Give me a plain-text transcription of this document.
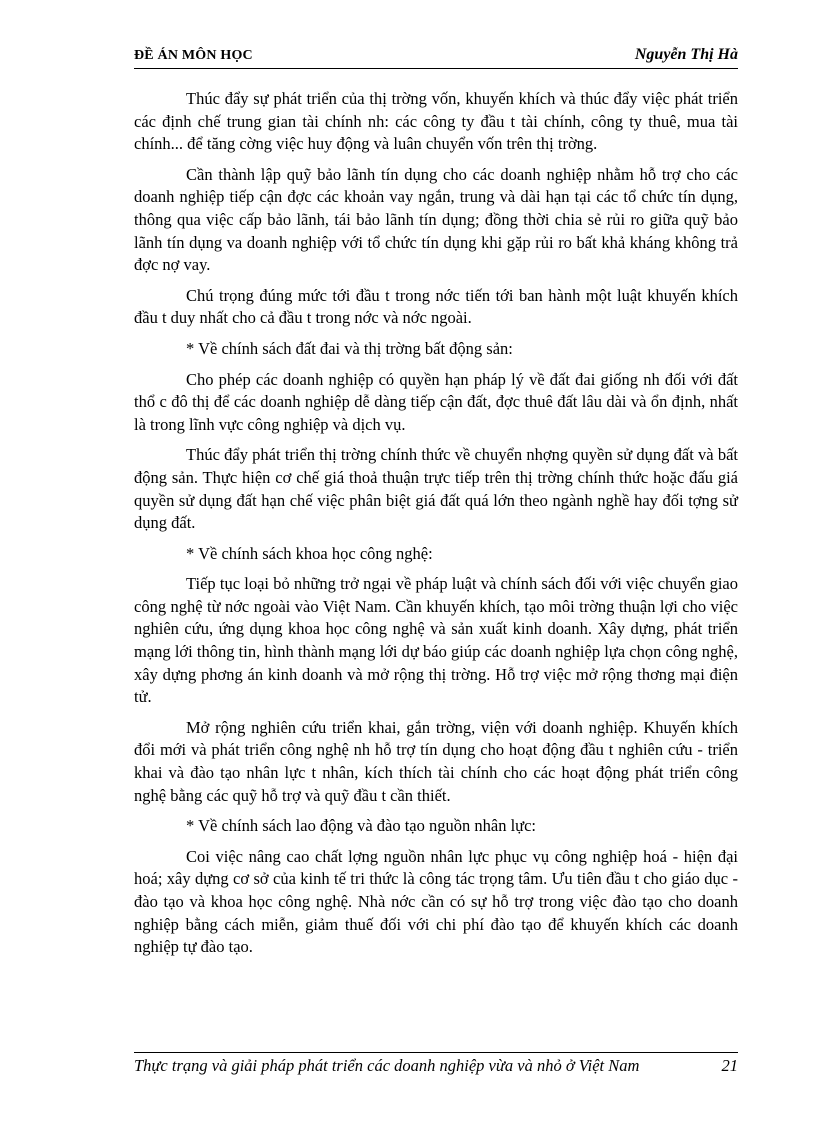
ĐỀ ÁN MÔN HỌC	Nguyễn Thị Hà

Thúc đẩy sự phát triển của thị trờng vốn, khuyến khích và thúc đẩy việc phát triển các định chế trung gian tài chính nh: các công ty đầu t tài chính, công ty thuê, mua tài chính... để tăng cờng việc huy động và luân chuyển vốn trên thị trờng.

Cần thành lập quỹ bảo lãnh tín dụng cho các doanh nghiệp nhằm hỗ trợ cho các doanh nghiệp tiếp cận đợc các khoản vay ngắn, trung và dài hạn tại các tổ chức tín dụng, thông qua việc cấp bảo lãnh, tái bảo lãnh tín dụng; đồng thời chia sẻ rủi ro giữa quỹ bảo lãnh tín dụng va doanh nghiệp với tổ chức tín dụng khi gặp rủi ro bất khả kháng không trả đợc nợ vay.

Chú trọng đúng mức tới đầu t trong nớc tiến tới ban hành một luật khuyến khích đầu t duy nhất cho cả đầu t trong nớc và nớc ngoài.

* Về chính sách đất đai và thị trờng bất động sản:

Cho phép các doanh nghiệp có quyền hạn pháp lý về đất đai giống nh đối với đất thổ c đô thị để các doanh nghiệp dễ dàng tiếp cận đất, đợc thuê đất lâu dài và ổn định, nhất là trong lĩnh vực công nghiệp và dịch vụ.

Thúc đẩy phát triển thị trờng chính thức về chuyển nhợng quyền sử dụng đất và bất động sản. Thực hiện cơ chế giá thoả thuận trực tiếp trên thị trờng chính thức hoặc đấu giá quyền sử dụng đất hạn chế việc phân biệt giá đất quá lớn theo ngành nghề hay đối tợng sử dụng đất.

* Về chính sách khoa học công nghệ:

Tiếp tục loại bỏ những trở ngại về pháp luật và chính sách đối với việc chuyển giao công nghệ từ nớc ngoài vào Việt Nam. Cần khuyến khích, tạo môi trờng thuận lợi cho việc nghiên cứu, ứng dụng khoa học công nghệ và sản xuất kinh doanh. Xây dựng, phát triển mạng lới thông tin, hình thành mạng lới dự báo giúp các doanh nghiệp lựa chọn công nghệ, xây dựng phơng án kinh doanh và mở rộng thị trờng. Hỗ trợ việc mở rộng thơng mại điện tử.

Mở rộng nghiên cứu triển khai, gắn trờng, viện với doanh nghiệp. Khuyến khích đổi mới và phát triển công nghệ nh hỗ trợ tín dụng cho hoạt động đầu t nghiên cứu - triển khai và đào tạo nhân lực t nhân, kích thích tài chính cho các hoạt động phát triển công nghệ bằng các quỹ hỗ trợ và quỹ đầu t cần thiết.

* Về chính sách lao động và đào tạo nguồn nhân lực:

Coi việc nâng cao chất lợng nguồn nhân lực phục vụ công nghiệp hoá - hiện đại hoá; xây dựng cơ sở của kinh tế tri thức là công tác trọng tâm. Ưu tiên đầu t cho giáo dục - đào tạo và khoa học công nghệ. Nhà nớc cần có sự hỗ trợ trong việc đào tạo cho doanh nghiệp bằng cách miễn, giảm thuế đối với chi phí đào tạo để khuyến khích các doanh nghiệp tự đào tạo.

Thực trạng và giải pháp phát triển các doanh nghiệp vừa và nhỏ ở Việt Nam	21
